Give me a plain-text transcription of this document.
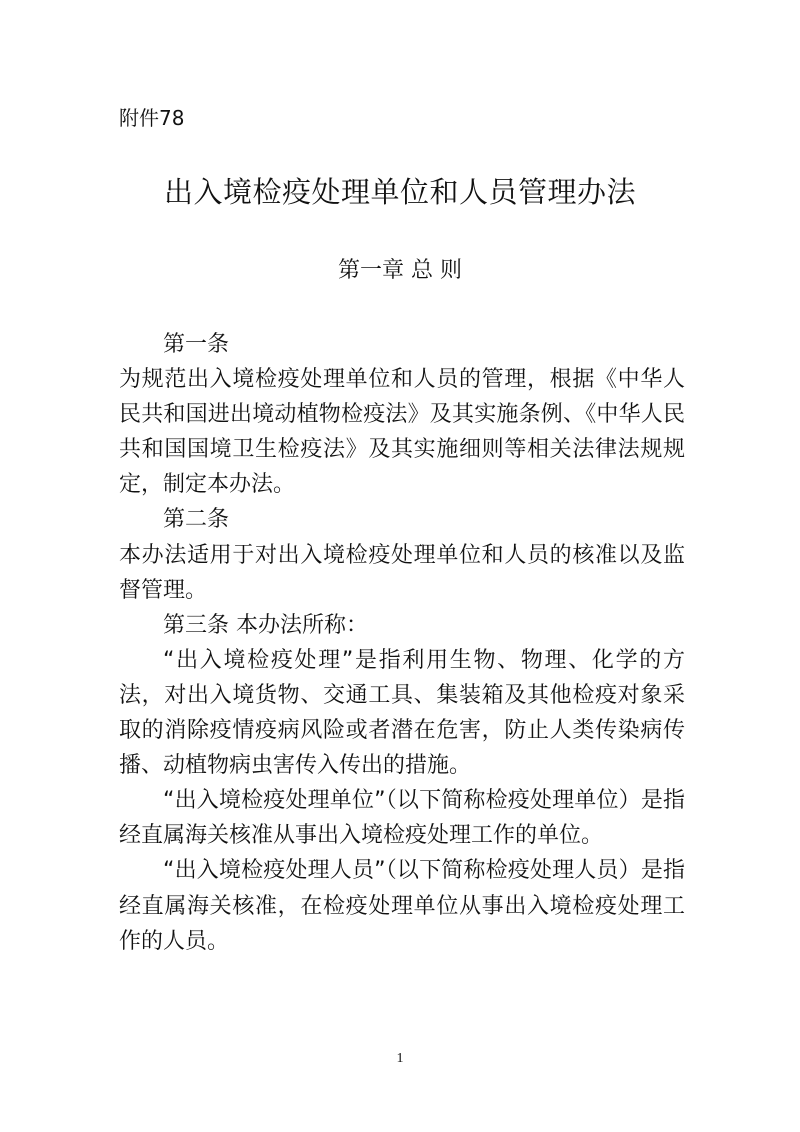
附件78
出入境检疫处理单位和人员管理办法
第一章 总 则

第一条

为规范出入境检疫处理单位和人员的管理，根据《中华人民共和国进出境动植物检疫法》及其实施条例、《中华人民共和国国境卫生检疫法》及其实施细则等相关法律法规规定，制定本办法。

第二条

本办法适用于对出入境检疫处理单位和人员的核准以及监督管理。

第三条 本办法所称：

“出入境检疫处理”是指利用生物、物理、化学的方法，对出入境货物、交通工具、集装箱及其他检疫对象采取的消除疫情疫病风险或者潜在危害，防止人类传染病传播、动植物病虫害传入传出的措施。

“出入境检疫处理单位”（以下简称检疫处理单位）是指经直属海关核准从事出入境检疫处理工作的单位。

“出入境检疫处理人员”（以下简称检疫处理人员）是指经直属海关核准，在检疫处理单位从事出入境检疫处理工作的人员。

1
